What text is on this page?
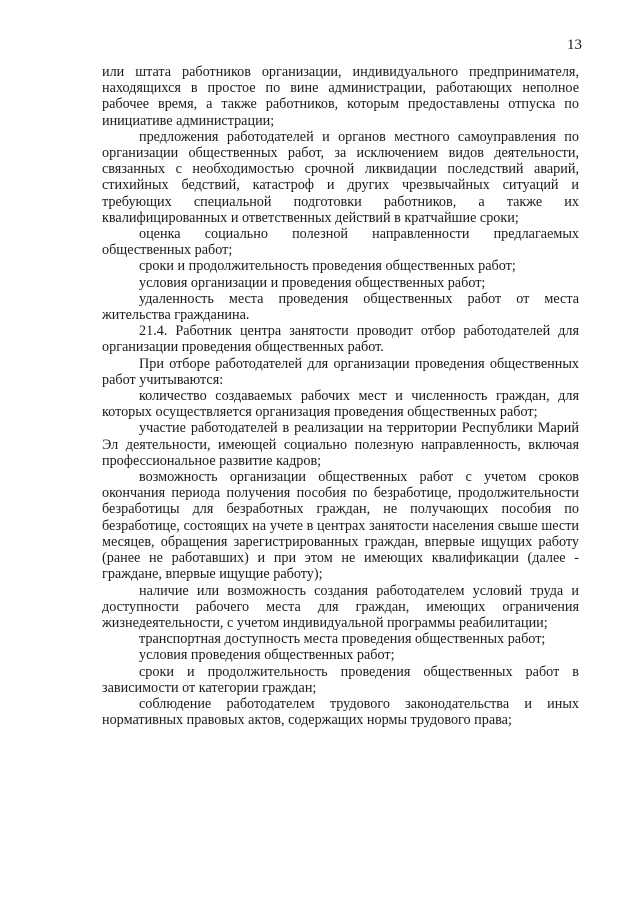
13

или штата работников организации, индивидуального предпринимателя, находящихся в простое по вине администрации, работающих неполное рабочее время, а также работников, которым предоставлены отпуска по инициативе администрации;

предложения работодателей и органов местного самоуправления по организации общественных работ, за исключением видов деятельности, связанных с необходимостью срочной ликвидации последствий аварий, стихийных бедствий, катастроф и других чрезвычайных ситуаций и требующих специальной подготовки работников, а также их квалифицированных и ответственных действий в кратчайшие сроки;

оценка социально полезной направленности предлагаемых общественных работ;

сроки и продолжительность проведения общественных работ;

условия организации и проведения общественных работ;

удаленность места проведения общественных работ от места жительства гражданина.

21.4. Работник центра занятости проводит отбор работодателей для организации проведения общественных работ.

При отборе работодателей для организации проведения общественных работ учитываются:

количество создаваемых рабочих мест и численность граждан, для которых осуществляется организация проведения общественных работ;

участие работодателей в реализации на территории Республики Марий Эл деятельности, имеющей социально полезную направленность, включая профессиональное развитие кадров;

возможность организации общественных работ с учетом сроков окончания периода получения пособия по безработице, продолжительности безработицы для безработных граждан, не получающих пособия по безработице, состоящих на учете в центрах занятости населения свыше шести месяцев, обращения зарегистрированных граждан, впервые ищущих работу (ранее не работавших) и при этом не имеющих квалификации (далее - граждане, впервые ищущие работу);

наличие или возможность создания работодателем условий труда и доступности рабочего места для граждан, имеющих ограничения жизнедеятельности, с учетом индивидуальной программы реабилитации;

транспортная доступность места проведения общественных работ;

условия проведения общественных работ;

сроки и продолжительность проведения общественных работ в зависимости от категории граждан;

соблюдение работодателем трудового законодательства и иных нормативных правовых актов, содержащих нормы трудового права;
